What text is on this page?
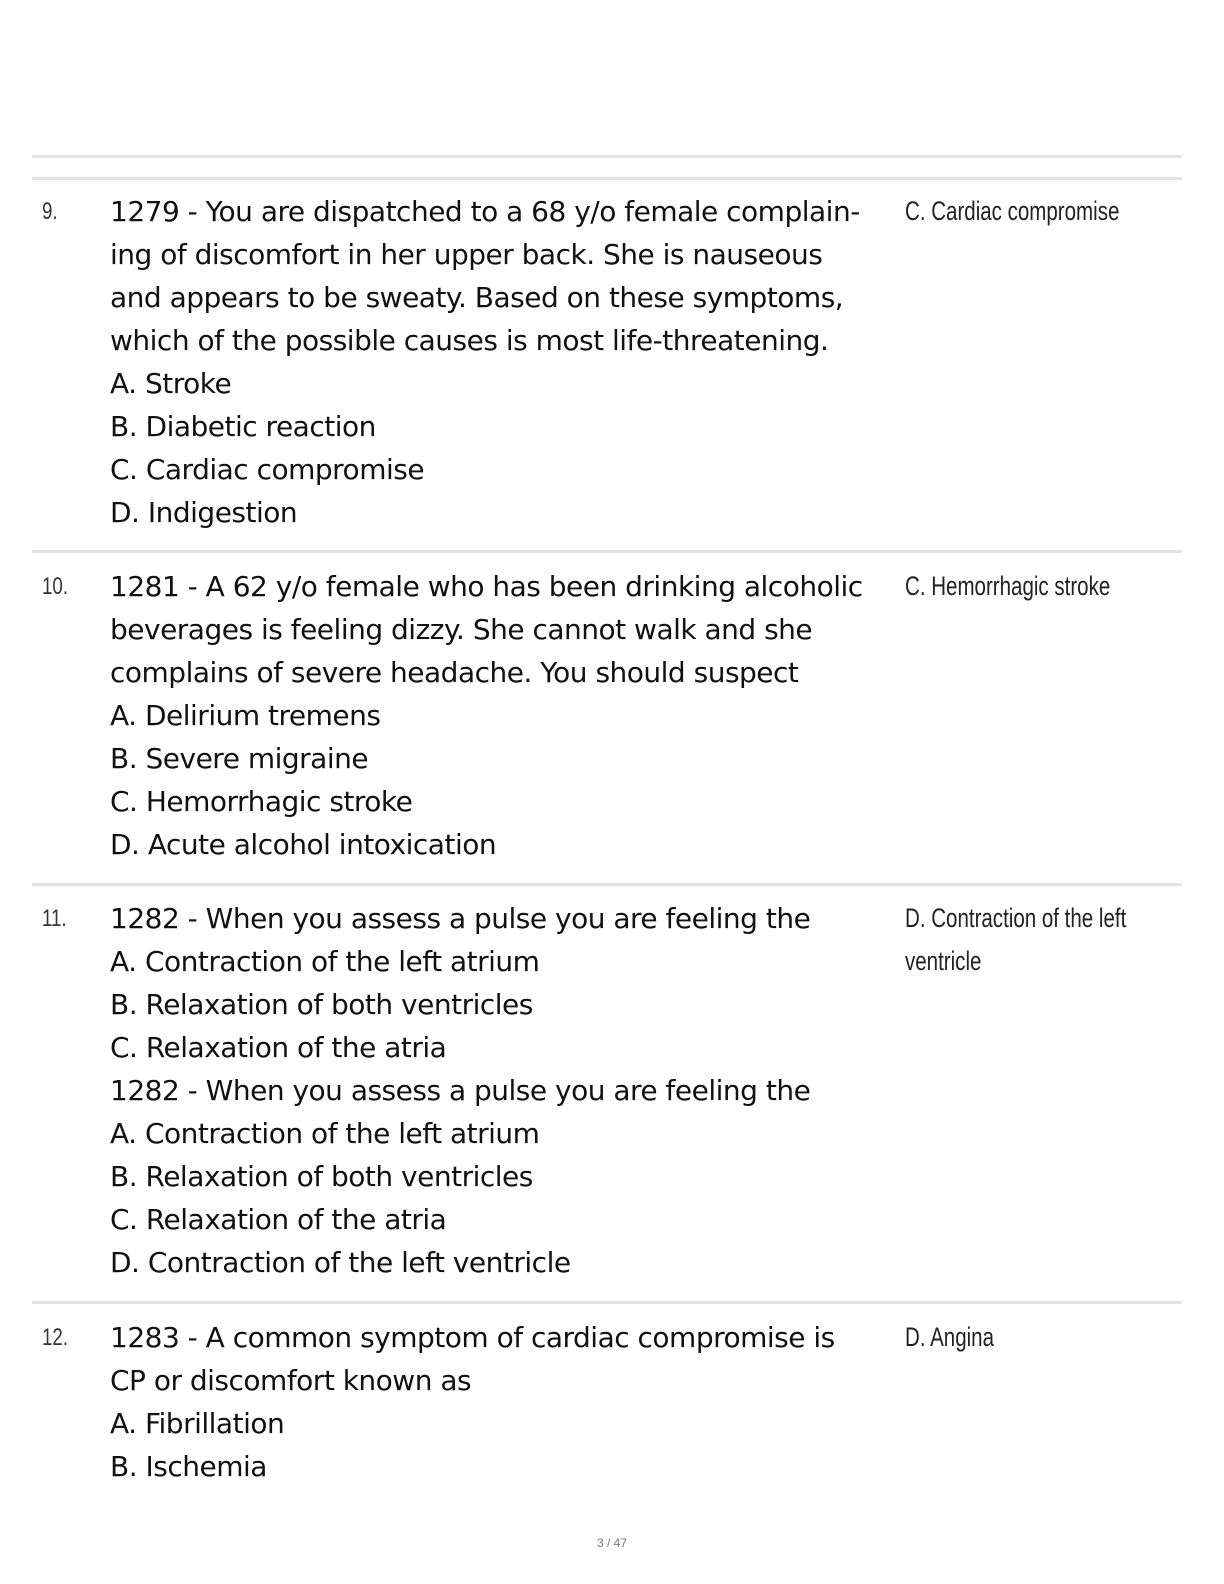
9. 1279 - You are dispatched to a 68 y/o female complain-
ing of discomfort in her upper back. She is nauseous
and appears to be sweaty. Based on these symptoms,
which of the possible causes is most life-threatening.
A. Stroke
B. Diabetic reaction
C. Cardiac compromise
D. Indigestion
C. Cardiac compromise
10. 1281 - A 62 y/o female who has been drinking alcoholic
beverages is feeling dizzy. She cannot walk and she
complains of severe headache. You should suspect
A. Delirium tremens
B. Severe migraine
C. Hemorrhagic stroke
D. Acute alcohol intoxication
C. Hemorrhagic stroke
11. 1282 - When you assess a pulse you are feeling the
A. Contraction of the left atrium
B. Relaxation of both ventricles
C. Relaxation of the atria
1282 - When you assess a pulse you are feeling the
A. Contraction of the left atrium
B. Relaxation of both ventricles
C. Relaxation of the atria
D. Contraction of the left ventricle
D. Contraction of the left
ventricle
12. 1283 - A common symptom of cardiac compromise is
CP or discomfort known as
A. Fibrillation
B. Ischemia
D. Angina
3 / 47
